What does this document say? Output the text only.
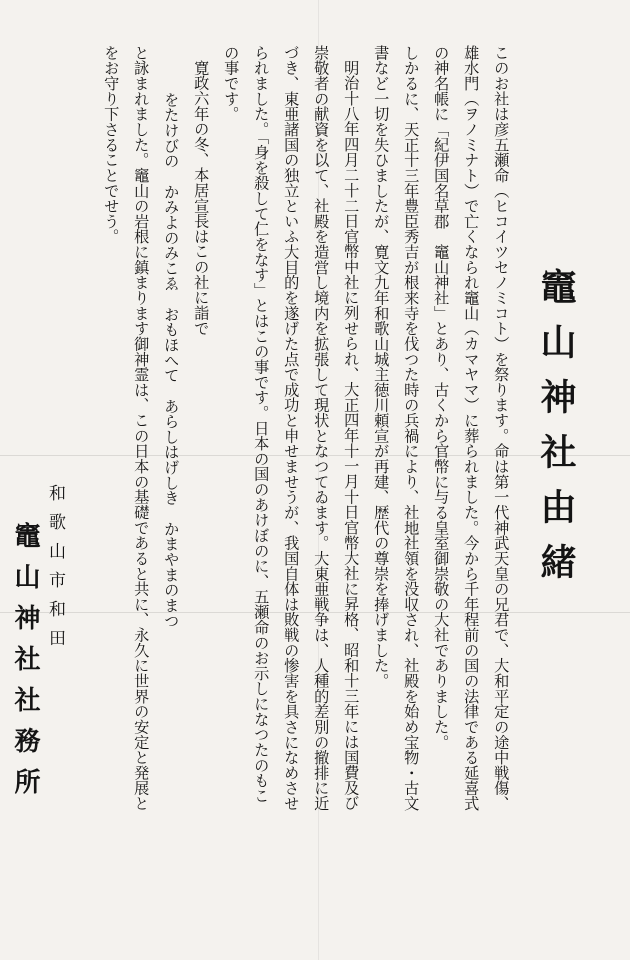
竈山神社由緒
このお社は彦五瀬命（ヒコイツセノミコト）を祭ります。命は第一代神武天皇の兄君で、大和平定の途中戦傷、
雄水門（ヲノミナト）で亡くなられ竈山（カマヤマ）に葬られました。今から千年程前の国の法律である延喜式
の神名帳に「紀伊国名草郡　竈山神社」とあり、古くから官幣に与る皇室御崇敬の大社でありました。
しかるに、天正十三年豊臣秀吉が根来寺を伐つた時の兵禍により、社地社領を没収され、社殿を始め宝物・古文
書など一切を失ひましたが、寛文九年和歌山城主徳川頼宣が再建、歴代の尊崇を捧げました。
明治十八年四月二十二日官幣中社に列せられ、大正四年十一月十日官幣大社に昇格、昭和十三年には国費及び
崇敬者の献資を以て、社殿を造営し境内を拡張して現状となつてゐます。大東亜戦争は、人種的差別の撤排に近
づき、東亜諸国の独立といふ大目的を遂げた点で成功と申せませうが、我国自体は敗戦の惨害を具さになめさせ
られました。「身を殺して仁をなす」とはこの事です。日本の国のあけぼのに、五瀬命のお示しになつたのもこ
の事です。
寛政六年の冬、本居宣長はこの社に詣で
をたけびの　かみよのみこゑ　おもほへて　あらしはげしき　かまやまのまつ
と詠まれました。竈山の岩根に鎮まります御神霊は、この日本の基礎であると共に、永久に世界の安定と発展と
をお守り下さることでせう。
和歌山市和田
竈山神社社務所
